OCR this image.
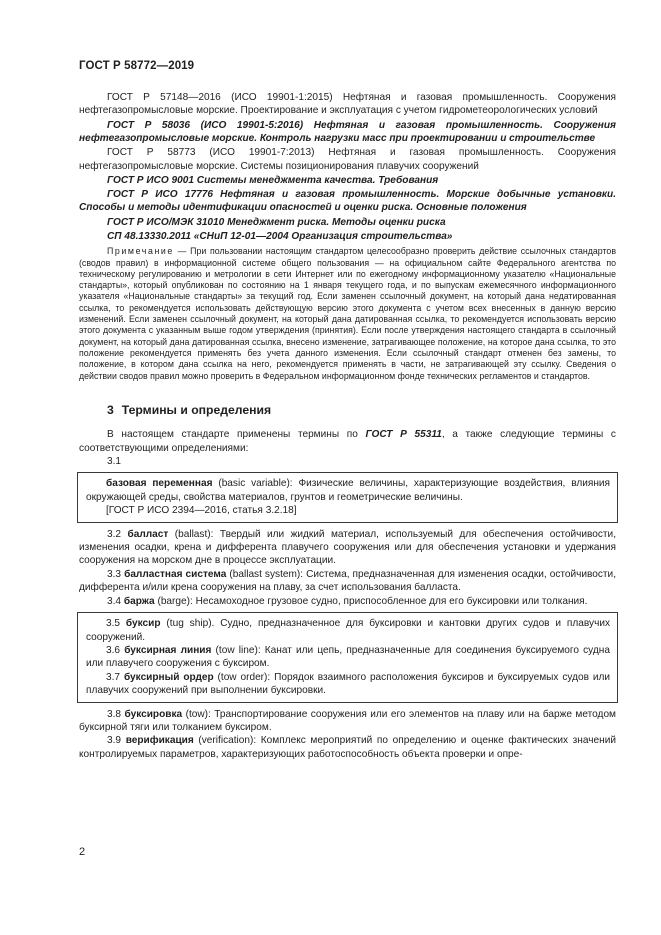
ГОСТ Р 58772—2019

ГОСТ Р 57148—2016 (ИСО 19901-1:2015) Нефтяная и газовая промышленность. Сооружения нефтегазопромысловые морские. Проектирование и эксплуатация с учетом гидрометеорологических условий

ГОСТ Р 58036 (ИСО 19901-5:2016) Нефтяная и газовая промышленность. Сооружения нефтегазопромысловые морские. Контроль нагрузки масс при проектировании и строительстве

ГОСТ Р 58773 (ИСО 19901-7:2013) Нефтяная и газовая промышленность. Сооружения нефтегазопромысловые морские. Системы позиционирования плавучих сооружений

ГОСТ Р ИСО 9001 Системы менеджмента качества. Требования

ГОСТ Р ИСО 17776 Нефтяная и газовая промышленность. Морские добычные установки. Способы и методы идентификации опасностей и оценки риска. Основные положения

ГОСТ Р ИСО/МЭК 31010 Менеджмент риска. Методы оценки риска

СП 48.13330.2011 «СНиП 12-01—2004 Организация строительства»

Примечание — При пользовании настоящим стандартом целесообразно проверить действие ссылочных стандартов (сводов правил) в информационной системе общего пользования — на официальном сайте Федерального агентства по техническому регулированию и метрологии в сети Интернет или по ежегодному информационному указателю «Национальные стандарты», который опубликован по состоянию на 1 января текущего года, и по выпускам ежемесячного информационного указателя «Национальные стандарты» за текущий год. Если заменен ссылочный документ, на который дана недатированная ссылка, то рекомендуется использовать действующую версию этого документа с учетом всех внесенных в данную версию изменений. Если заменен ссылочный документ, на который дана датированная ссылка, то рекомендуется использовать версию этого документа с указанным выше годом утверждения (принятия). Если после утверждения настоящего стандарта в ссылочный документ, на который дана датированная ссылка, внесено изменение, затрагивающее положение, на которое дана ссылка, то это положение рекомендуется применять без учета данного изменения. Если ссылочный стандарт отменен без замены, то положение, в котором дана ссылка на него, рекомендуется применять в части, не затрагивающей эту ссылку. Сведения о действии сводов правил можно проверить в Федеральном информационном фонде технических регламентов и стандартов.

3 Термины и определения

В настоящем стандарте применены термины по ГОСТ Р 55311, а также следующие термины с соответствующими определениями:

3.1

базовая переменная (basic variable): Физические величины, характеризующие воздействия, влияния окружающей среды, свойства материалов, грунтов и геометрические величины.

[ГОСТ Р ИСО 2394—2016, статья 3.2.18]

3.2 балласт (ballast): Твердый или жидкий материал, используемый для обеспечения остойчивости, изменения осадки, крена и дифферента плавучего сооружения или для обеспечения установки и удержания сооружения на морском дне в процессе эксплуатации.

3.3 балластная система (ballast system): Система, предназначенная для изменения осадки, остойчивости, дифферента и/или крена сооружения на плаву, за счет использования балласта.

3.4 баржа (barge): Несамоходное грузовое судно, приспособленное для его буксировки или толкания.

3.5 буксир (tug ship). Судно, предназначенное для буксировки и кантовки других судов и плавучих сооружений.

3.6 буксирная линия (tow line): Канат или цепь, предназначенные для соединения буксируемого судна или плавучего сооружения с буксиром.

3.7 буксирный ордер (tow order): Порядок взаимного расположения буксиров и буксируемых судов или плавучих сооружений при выполнении буксировки.

3.8 буксировка (tow): Транспортирование сооружения или его элементов на плаву или на барже методом буксирной тяги или толканием буксиром.

3.9 верификация (verification): Комплекс мероприятий по определению и оценке фактических значений контролируемых параметров, характеризующих работоспособность объекта проверки и опре-

2
